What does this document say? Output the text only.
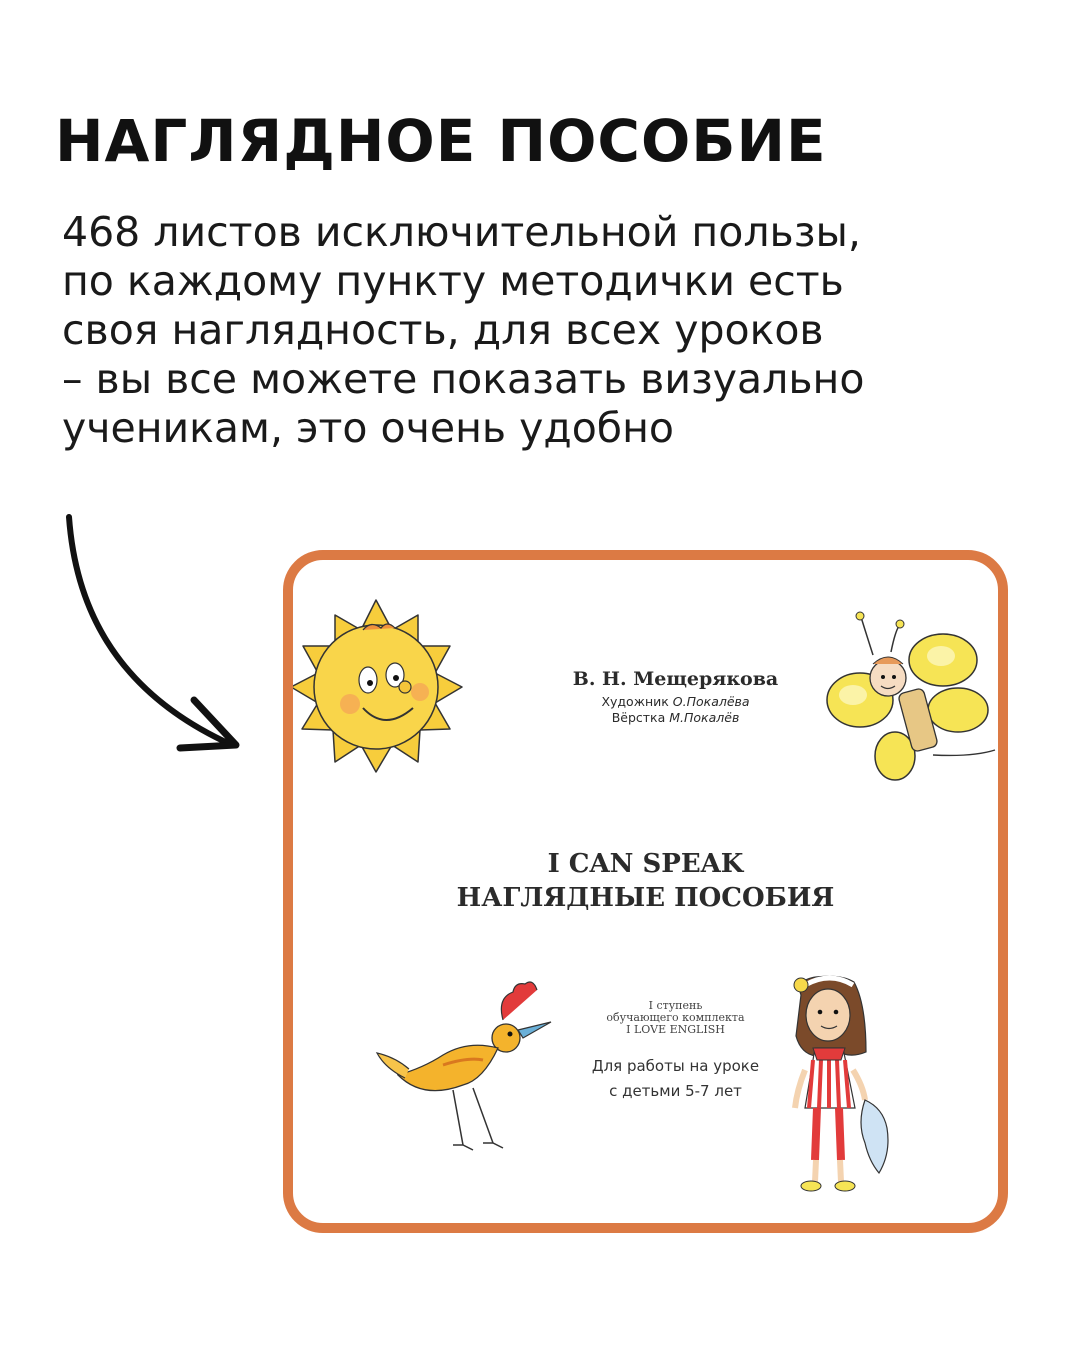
НАГЛЯДНОЕ ПОСОБИЕ
468 листов исключительной пользы,
по каждому пункту методички есть
своя наглядность, для всех уроков
– вы все можете показать визуально
ученикам, это очень удобно
В. Н. Мещерякова
Художник О.Покалёва
Вёрстка М.Покалёв
I CAN SPEAK
НАГЛЯДНЫЕ ПОСОБИЯ
I ступень
обучающего комплекта
I LOVE ENGLISH
Для работы на уроке
с детьми 5-7 лет
